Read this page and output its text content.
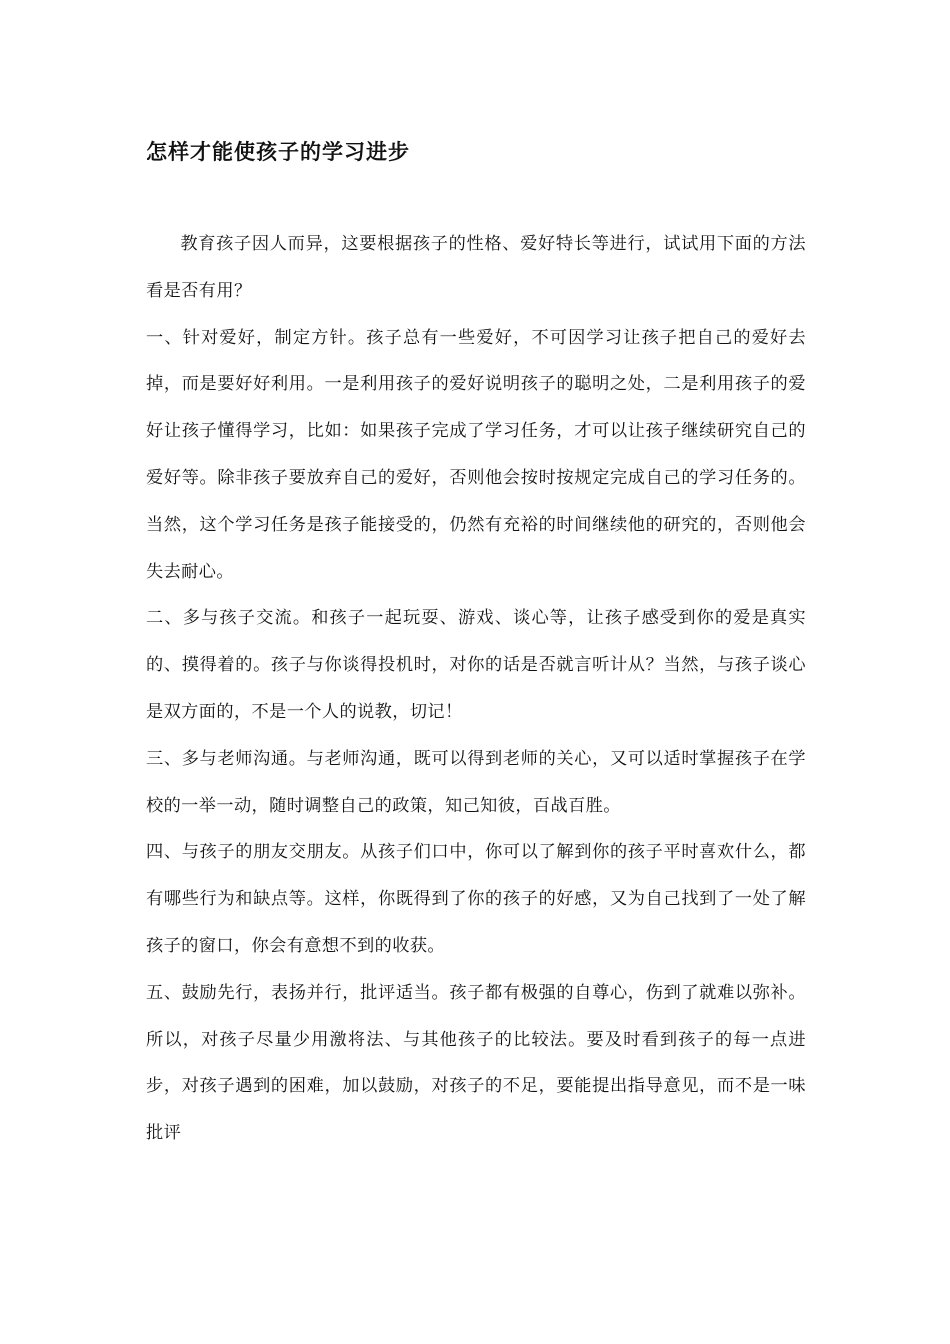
怎样才能使孩子的学习进步

教育孩子因人而异，这要根据孩子的性格、爱好特长等进行，试试用下面的方法看是否有用？

一、针对爱好，制定方针。孩子总有一些爱好，不可因学习让孩子把自己的爱好去掉，而是要好好利用。一是利用孩子的爱好说明孩子的聪明之处，二是利用孩子的爱好让孩子懂得学习，比如：如果孩子完成了学习任务，才可以让孩子继续研究自己的爱好等。除非孩子要放弃自己的爱好，否则他会按时按规定完成自己的学习任务的。当然，这个学习任务是孩子能接受的，仍然有充裕的时间继续他的研究的，否则他会失去耐心。

二、多与孩子交流。和孩子一起玩耍、游戏、谈心等，让孩子感受到你的爱是真实的、摸得着的。孩子与你谈得投机时，对你的话是否就言听计从？当然，与孩子谈心是双方面的，不是一个人的说教，切记！

三、多与老师沟通。与老师沟通，既可以得到老师的关心，又可以适时掌握孩子在学校的一举一动，随时调整自己的政策，知己知彼，百战百胜。

四、与孩子的朋友交朋友。从孩子们口中，你可以了解到你的孩子平时喜欢什么，都有哪些行为和缺点等。这样，你既得到了你的孩子的好感，又为自己找到了一处了解孩子的窗口，你会有意想不到的收获。

五、鼓励先行，表扬并行，批评适当。孩子都有极强的自尊心，伤到了就难以弥补。所以，对孩子尽量少用激将法、与其他孩子的比较法。要及时看到孩子的每一点进步，对孩子遇到的困难，加以鼓励，对孩子的不足，要能提出指导意见，而不是一味批评
